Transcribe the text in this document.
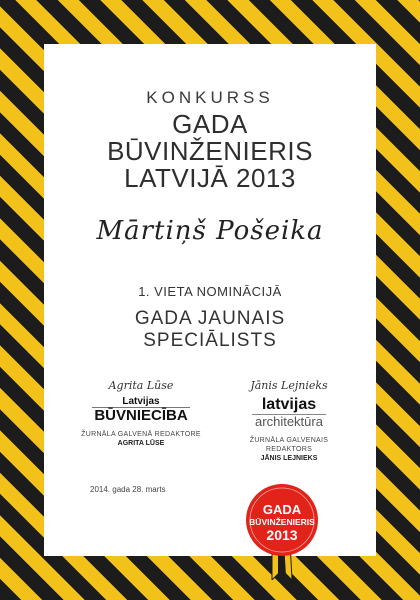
KONKURSS
GADA
BŪVINŽENIERIS
LATVIJĀ 2013
Mārtiņš Pošeika
1. VIETA NOMINĀCIJĀ
GADA JAUNAIS
SPECIĀLISTS
Agrita Lūse
Latvijas
BŪVNIECĪBA
ŽURNĀLA GALVENĀ REDAKTORE
AGRITA LŪSE
Jānis Lejnieks
latvijas
architektūra
ŽURNĀLA GALVENAIS REDAKTORS
JĀNIS LEJNIEKS
2014. gada 28. marts
GADA
BŪVINŽENIERIS
2013
